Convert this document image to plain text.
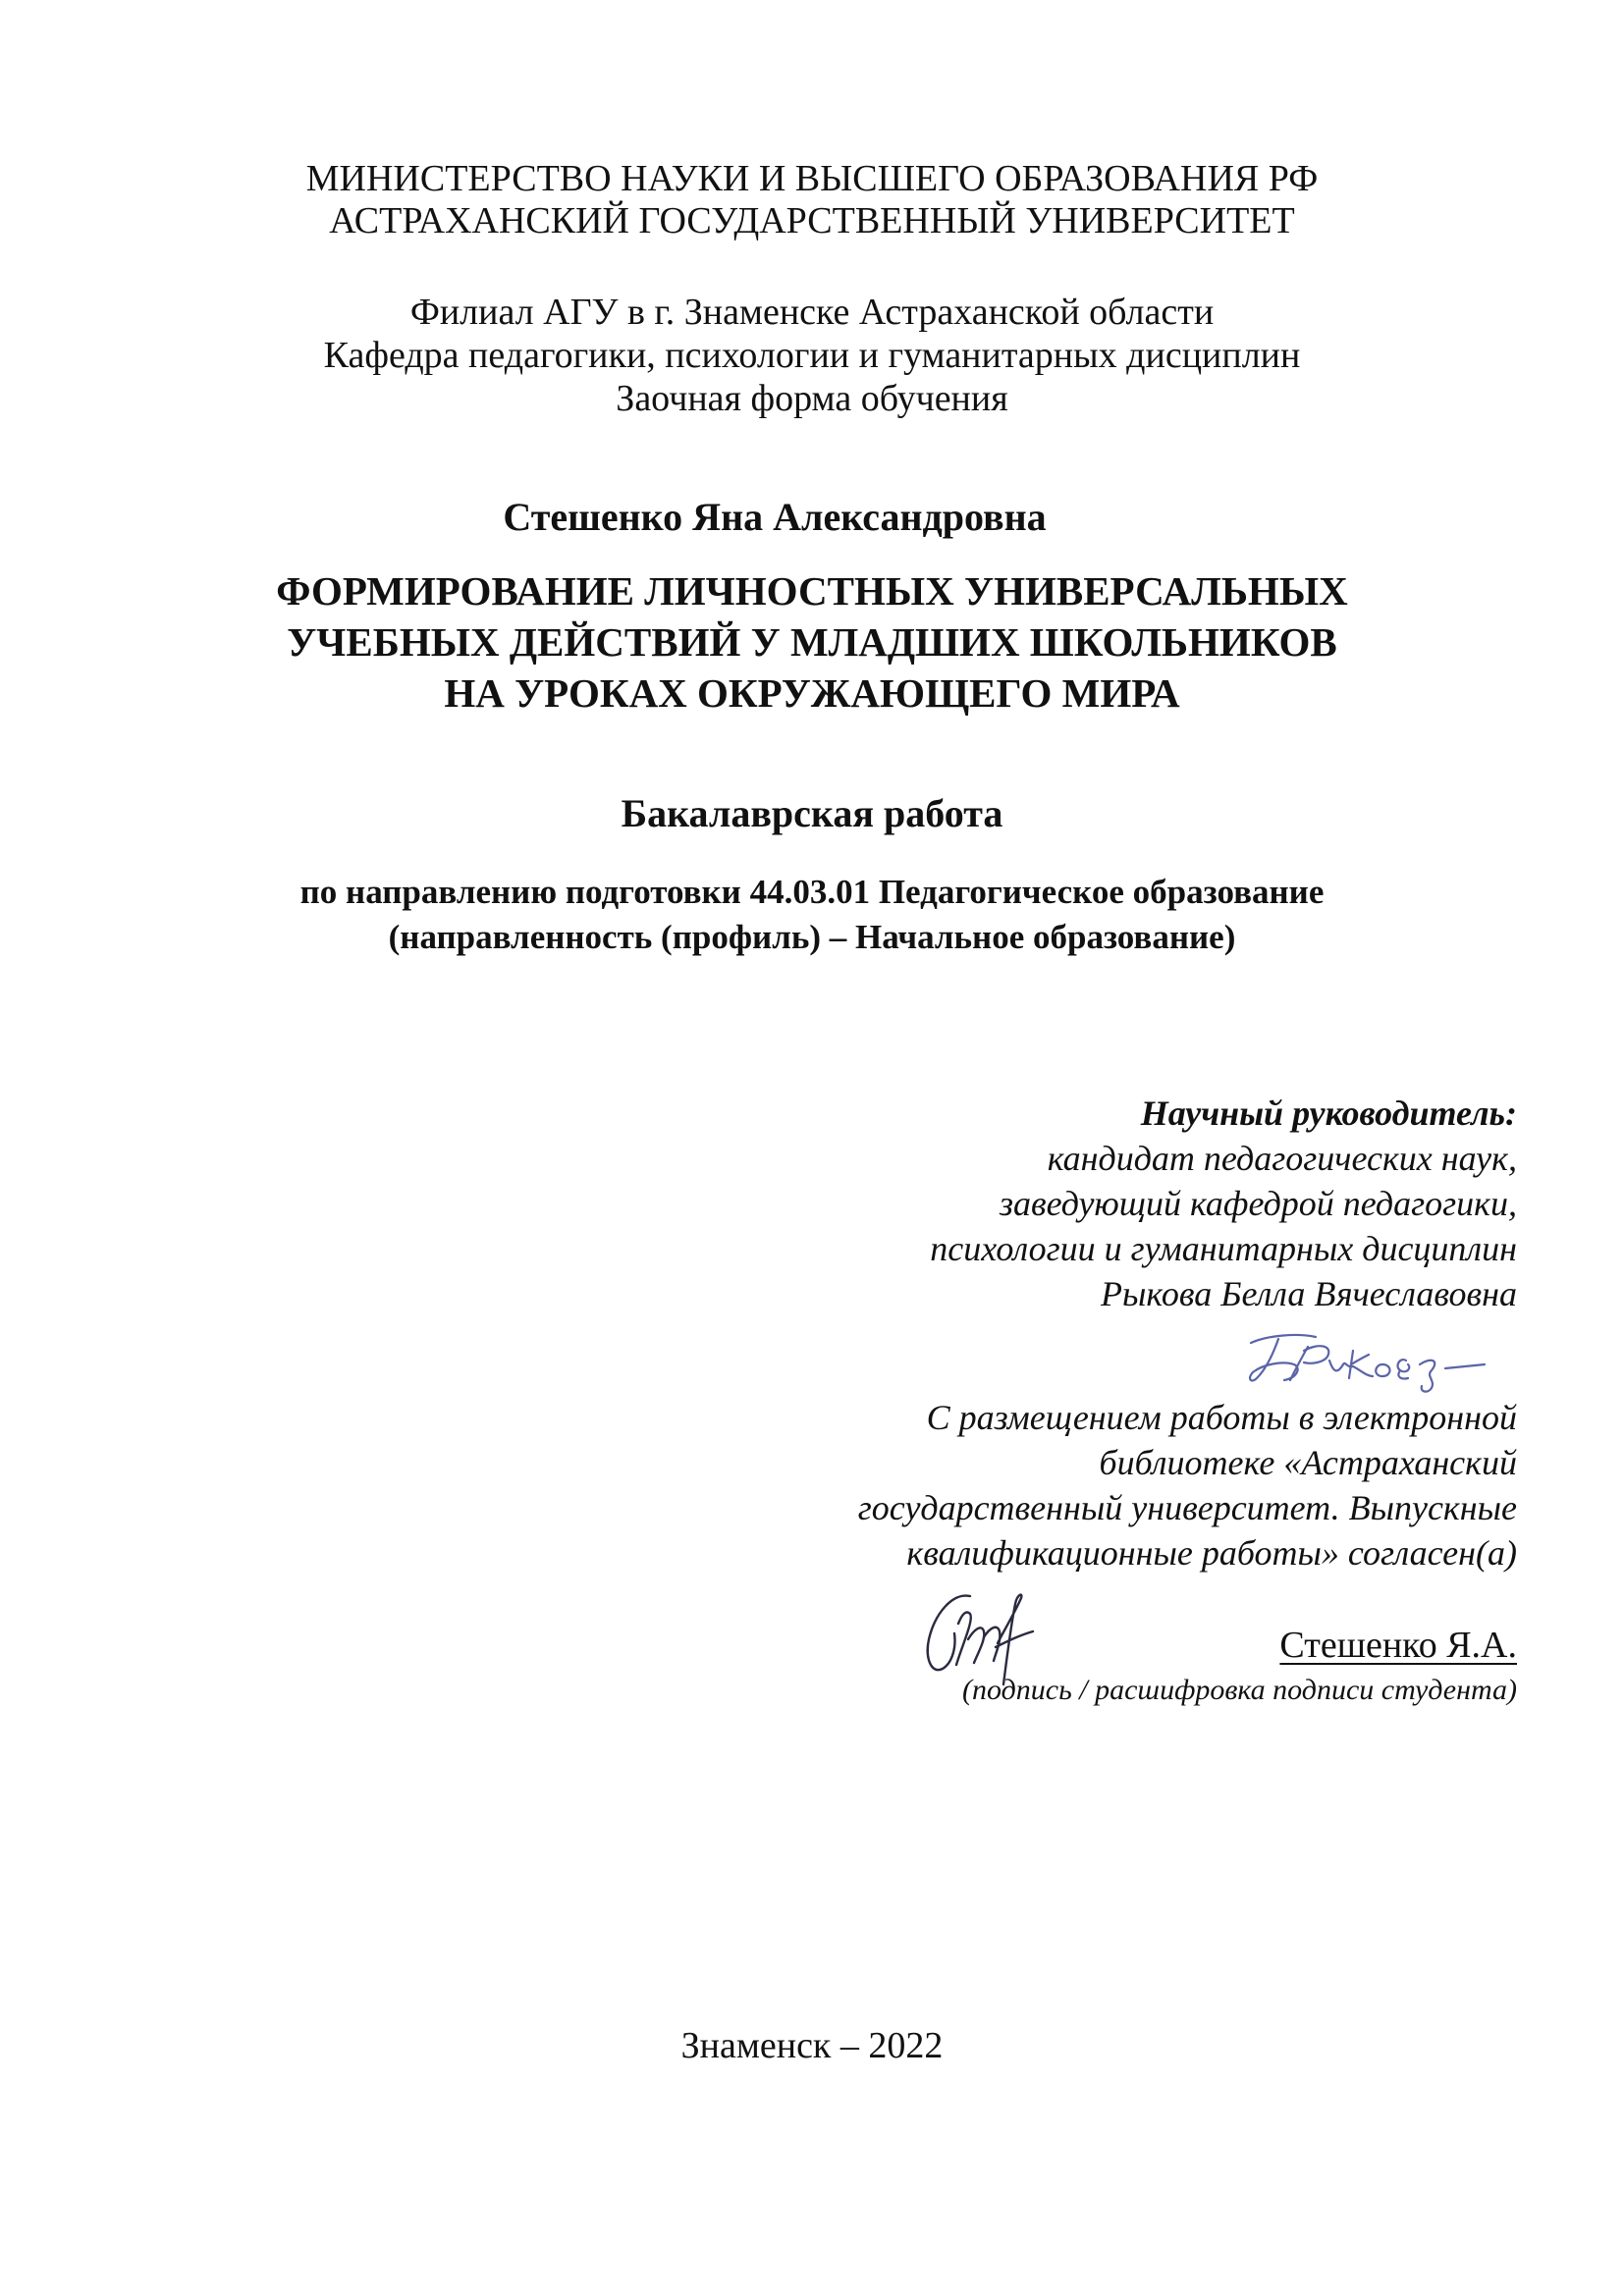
МИНИСТЕРСТВО НАУКИ И ВЫСШЕГО ОБРАЗОВАНИЯ РФ
АСТРАХАНСКИЙ ГОСУДАРСТВЕННЫЙ УНИВЕРСИТЕТ
Филиал АГУ в г. Знаменске Астраханской области
Кафедра педагогики, психологии и гуманитарных дисциплин
Заочная форма обучения
Стешенко Яна Александровна
ФОРМИРОВАНИЕ ЛИЧНОСТНЫХ УНИВЕРСАЛЬНЫХ
УЧЕБНЫХ ДЕЙСТВИЙ У МЛАДШИХ ШКОЛЬНИКОВ
НА УРОКАХ ОКРУЖАЮЩЕГО МИРА
Бакалаврская работа
по направлению подготовки 44.03.01 Педагогическое образование
(направленность (профиль) – Начальное образование)
Научный руководитель:
кандидат педагогических наук,
заведующий кафедрой педагогики,
психологии и гуманитарных дисциплин
Рыкова Белла Вячеславовна
С размещением работы в электронной
библиотеке «Астраханский
государственный университет. Выпускные
квалификационные работы» согласен(а)
Стешенко Я.А.
(подпись / расшифровка подписи студента)
Знаменск – 2022
